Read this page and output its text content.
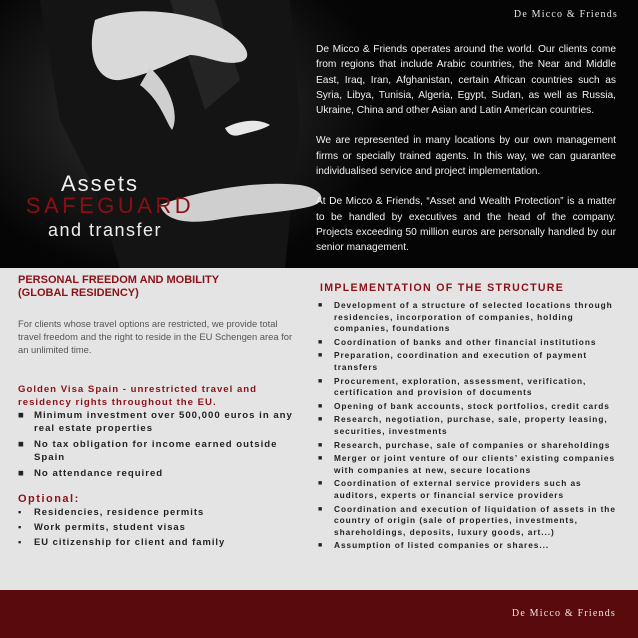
De Micco & Friends

De Micco & Friends operates around the world. Our clients come from regions that include Arabic countries, the Near and Middle East, Iraq, Iran, Afghanistan, certain African countries such as Syria, Libya, Tunisia, Algeria, Egypt, Sudan, as well as Russia, Ukraine, China and other Asian and Latin American countries.

We are represented in many locations by our own management firms or specially trained agents. In this way, we can guarantee individualised service and project implementation.

At De Micco & Friends, “Asset and Wealth Protection” is a matter to be handled by executives and the head of the company. Projects exceeding 50 million euros are personally handled by our senior management.

Assets
SAFEGUARD
and transfer

PERSONAL FREEDOM AND MOBILITY

(GLOBAL RESIDENCY)

For clients whose travel options are restricted, we provide total travel freedom and the right to reside in the EU Schengen area for an unlimited time.

Golden Visa Spain - unrestricted travel and residency rights throughout the EU.

■ Minimum investment over 500,000 euros in any real estate properties
■ No tax obligation for income earned outside Spain
■ No attendance required

Optional:

▪ Residencies, residence permits
▪ Work permits, student visas
▪ EU citizenship for client and family

IMPLEMENTATION OF THE STRUCTURE

■ Development of a structure of selected locations through residencies, incorporation of companies, holding companies, foundations
■ Coordination of banks and other financial institutions
■ Preparation, coordination and execution of payment transfers
■ Procurement, exploration, assessment, verification, certification and provision of documents
■ Opening of bank accounts, stock portfolios, credit cards
■ Research, negotiation, purchase, sale, property leasing, securities, investments
■ Research, purchase, sale of companies or shareholdings
■ Merger or joint venture of our clients’ existing companies with companies at new, secure locations
■ Coordination of external service providers such as auditors, experts or financial service providers
■ Coordination and execution of liquidation of assets in the country of origin (sale of properties, investments, shareholdings, deposits, luxury goods, art...)
■ Assumption of listed companies or shares...
De Micco & Friends
